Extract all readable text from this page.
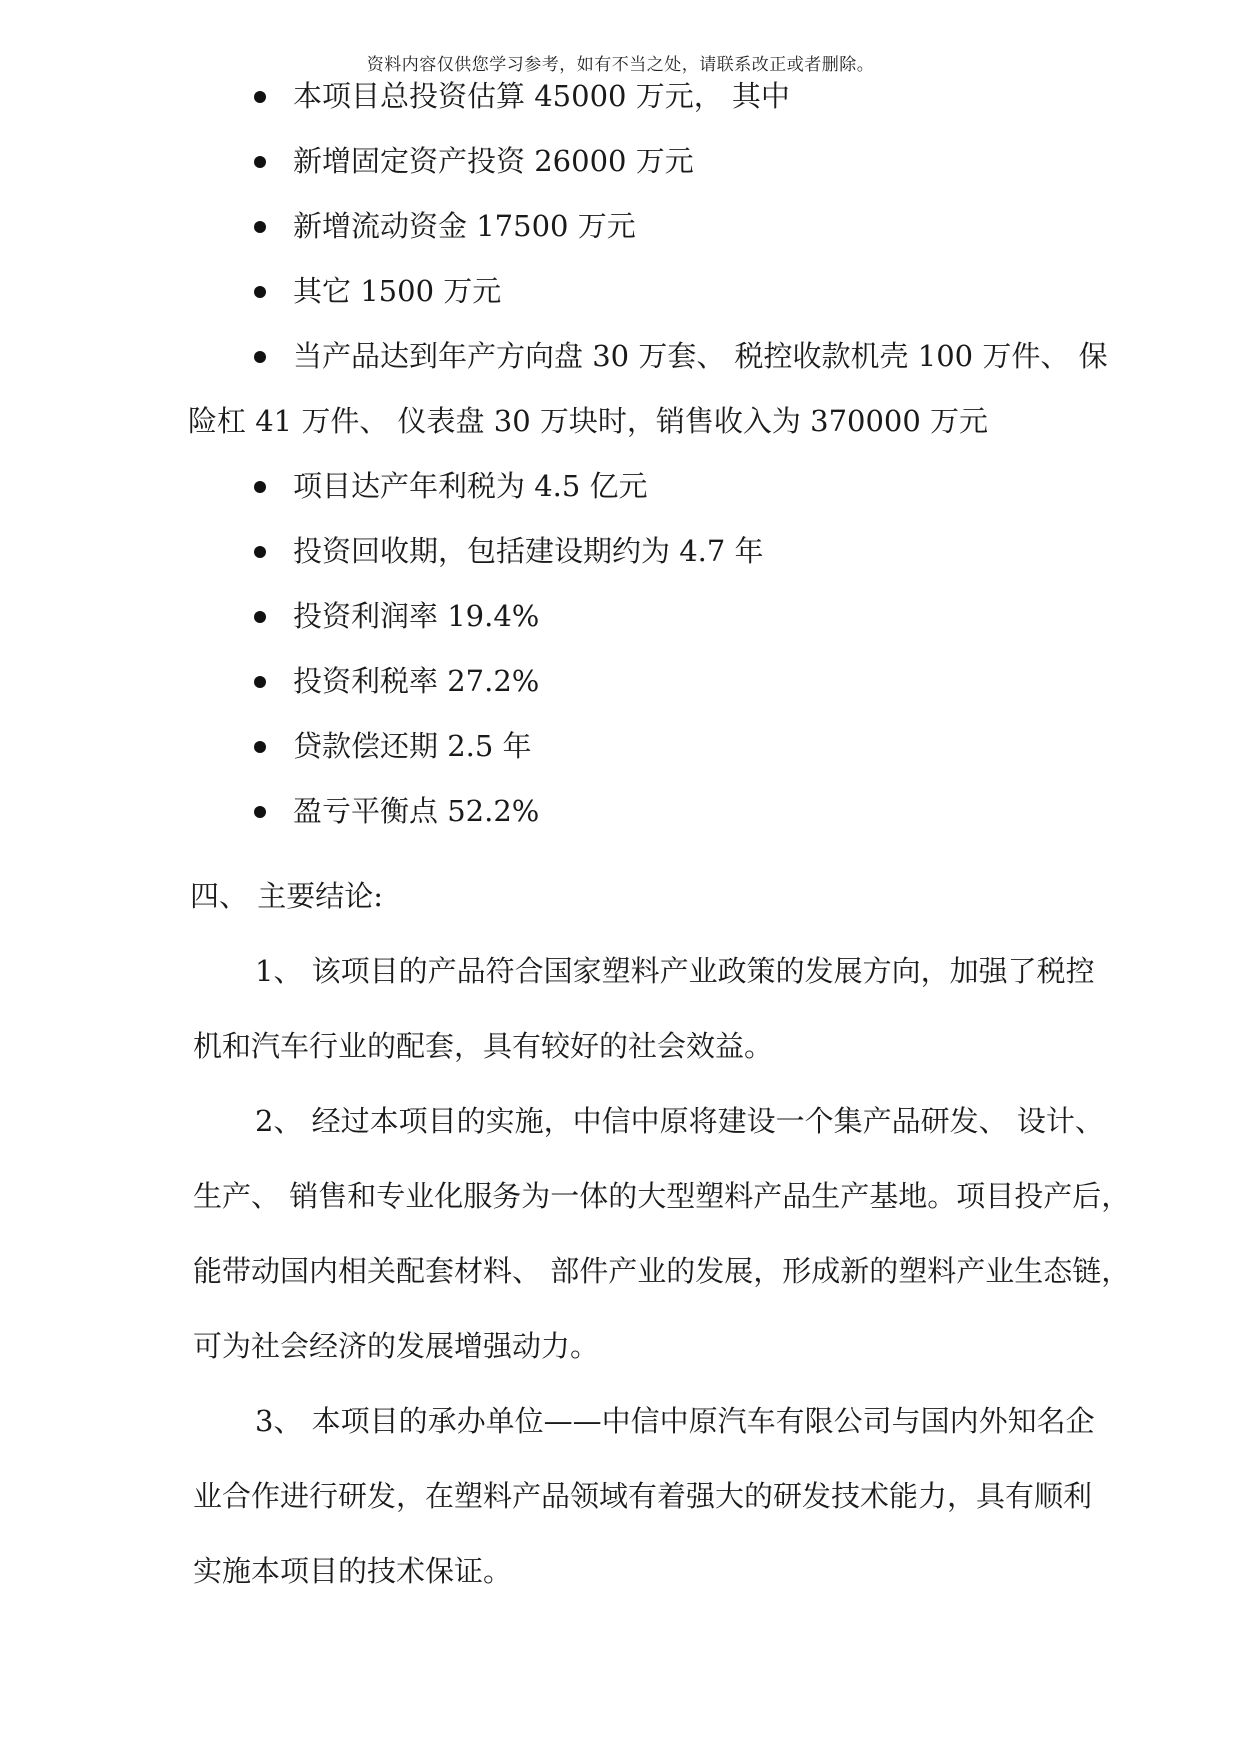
资料内容仅供您学习参考，如有不当之处，请联系改正或者删除。
本项目总投资估算 45000 万元， 其中
新增固定资产投资 26000 万元
新增流动资金 17500 万元
其它 1500 万元
当产品达到年产方向盘 30 万套、 税控收款机壳 100 万件、 保
险杠 41 万件、 仪表盘 30 万块时，销售收入为 370000 万元
项目达产年利税为 4.5 亿元
投资回收期，包括建设期约为 4.7 年
投资利润率 19.4%
投资利税率 27.2%
贷款偿还期 2.5 年
盈亏平衡点 52.2%
四、 主要结论:
1、 该项目的产品符合国家塑料产业政策的发展方向，加强了税控
机和汽车行业的配套，具有较好的社会效益。
2、 经过本项目的实施，中信中原将建设一个集产品研发、 设计、
生产、 销售和专业化服务为一体的大型塑料产品生产基地。项目投产后，
能带动国内相关配套材料、 部件产业的发展，形成新的塑料产业生态链，
可为社会经济的发展增强动力。
3、 本项目的承办单位——中信中原汽车有限公司与国内外知名企
业合作进行研发，在塑料产品领域有着强大的研发技术能力，具有顺利
实施本项目的技术保证。
